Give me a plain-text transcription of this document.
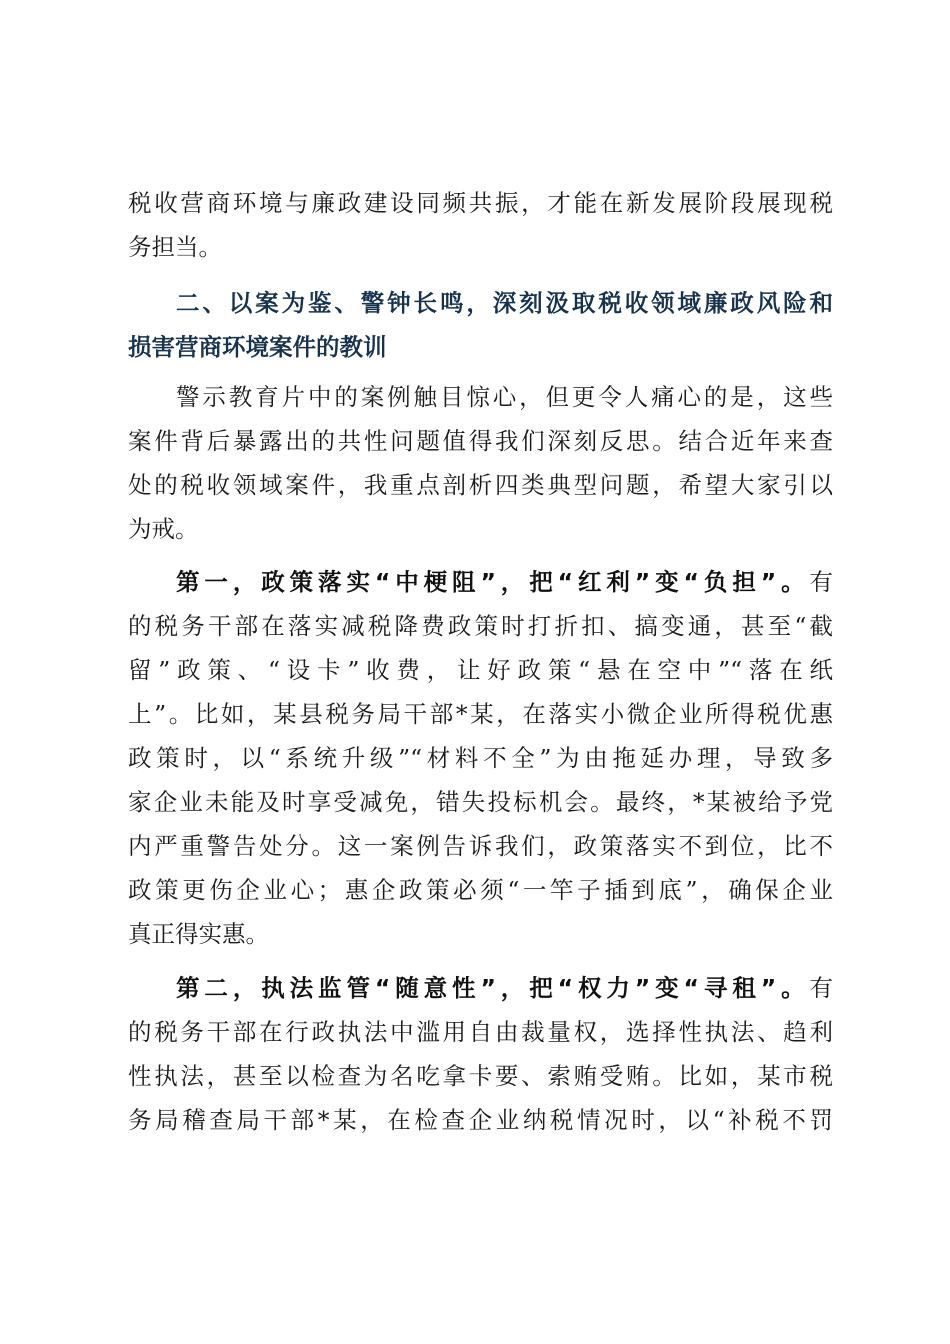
税收营商环境与廉政建设同频共振，才能在新发展阶段展现税
务担当。
二、以案为鉴、警钟长鸣，深刻汲取税收领域廉政风险和
损害营商环境案件的教训
警示教育片中的案例触目惊心，但更令人痛心的是，这些
案件背后暴露出的共性问题值得我们深刻反思。结合近年来查
处的税收领域案件，我重点剖析四类典型问题，希望大家引以
为戒。
第一，政策落实“中梗阻”，把“红利”变“负担”。有
的税务干部在落实减税降费政策时打折扣、搞变通，甚至“截
留”政策、“设卡”收费，让好政策“悬在空中”“落在纸
上”。比如，某县税务局干部*某，在落实小微企业所得税优惠
政策时，以“系统升级”“材料不全”为由拖延办理，导致多
家企业未能及时享受减免，错失投标机会。最终，*某被给予党
内严重警告处分。这一案例告诉我们，政策落实不到位，比不
政策更伤企业心；惠企政策必须“一竿子插到底”，确保企业
真正得实惠。
第二，执法监管“随意性”，把“权力”变“寻租”。有
的税务干部在行政执法中滥用自由裁量权，选择性执法、趋利
性执法，甚至以检查为名吃拿卡要、索贿受贿。比如，某市税
务局稽查局干部*某，在检查企业纳税情况时，以“补税不罚
